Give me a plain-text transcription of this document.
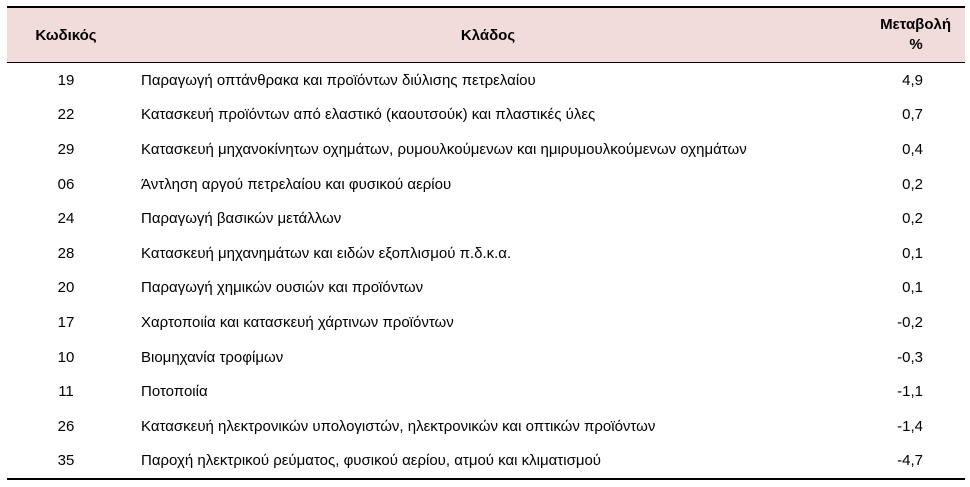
Κωδικός	Κλάδος	Μεταβολή
%

19	Παραγωγή οπτάνθρακα και προϊόντων διύλισης πετρελαίου	4,9
22	Κατασκευή προϊόντων από ελαστικό (καουτσούκ) και πλαστικές ύλες	0,7
29	Κατασκευή μηχανοκίνητων οχημάτων, ρυμουλκούμενων και ημιρυμουλκούμενων οχημάτων	0,4
06	Άντληση αργού πετρελαίου και φυσικού αερίου	0,2
24	Παραγωγή βασικών μετάλλων	0,2
28	Κατασκευή μηχανημάτων και ειδών εξοπλισμού π.δ.κ.α.	0,1
20	Παραγωγή χημικών ουσιών και προϊόντων	0,1
17	Χαρτοποιία και κατασκευή χάρτινων προϊόντων	-0,2
10	Βιομηχανία τροφίμων	-0,3
11	Ποτοποιία	-1,1
26	Κατασκευή ηλεκτρονικών υπολογιστών, ηλεκτρονικών και οπτικών προϊόντων	-1,4
35	Παροχή ηλεκτρικού ρεύματος, φυσικού αερίου, ατμού και κλιματισμού	-4,7
